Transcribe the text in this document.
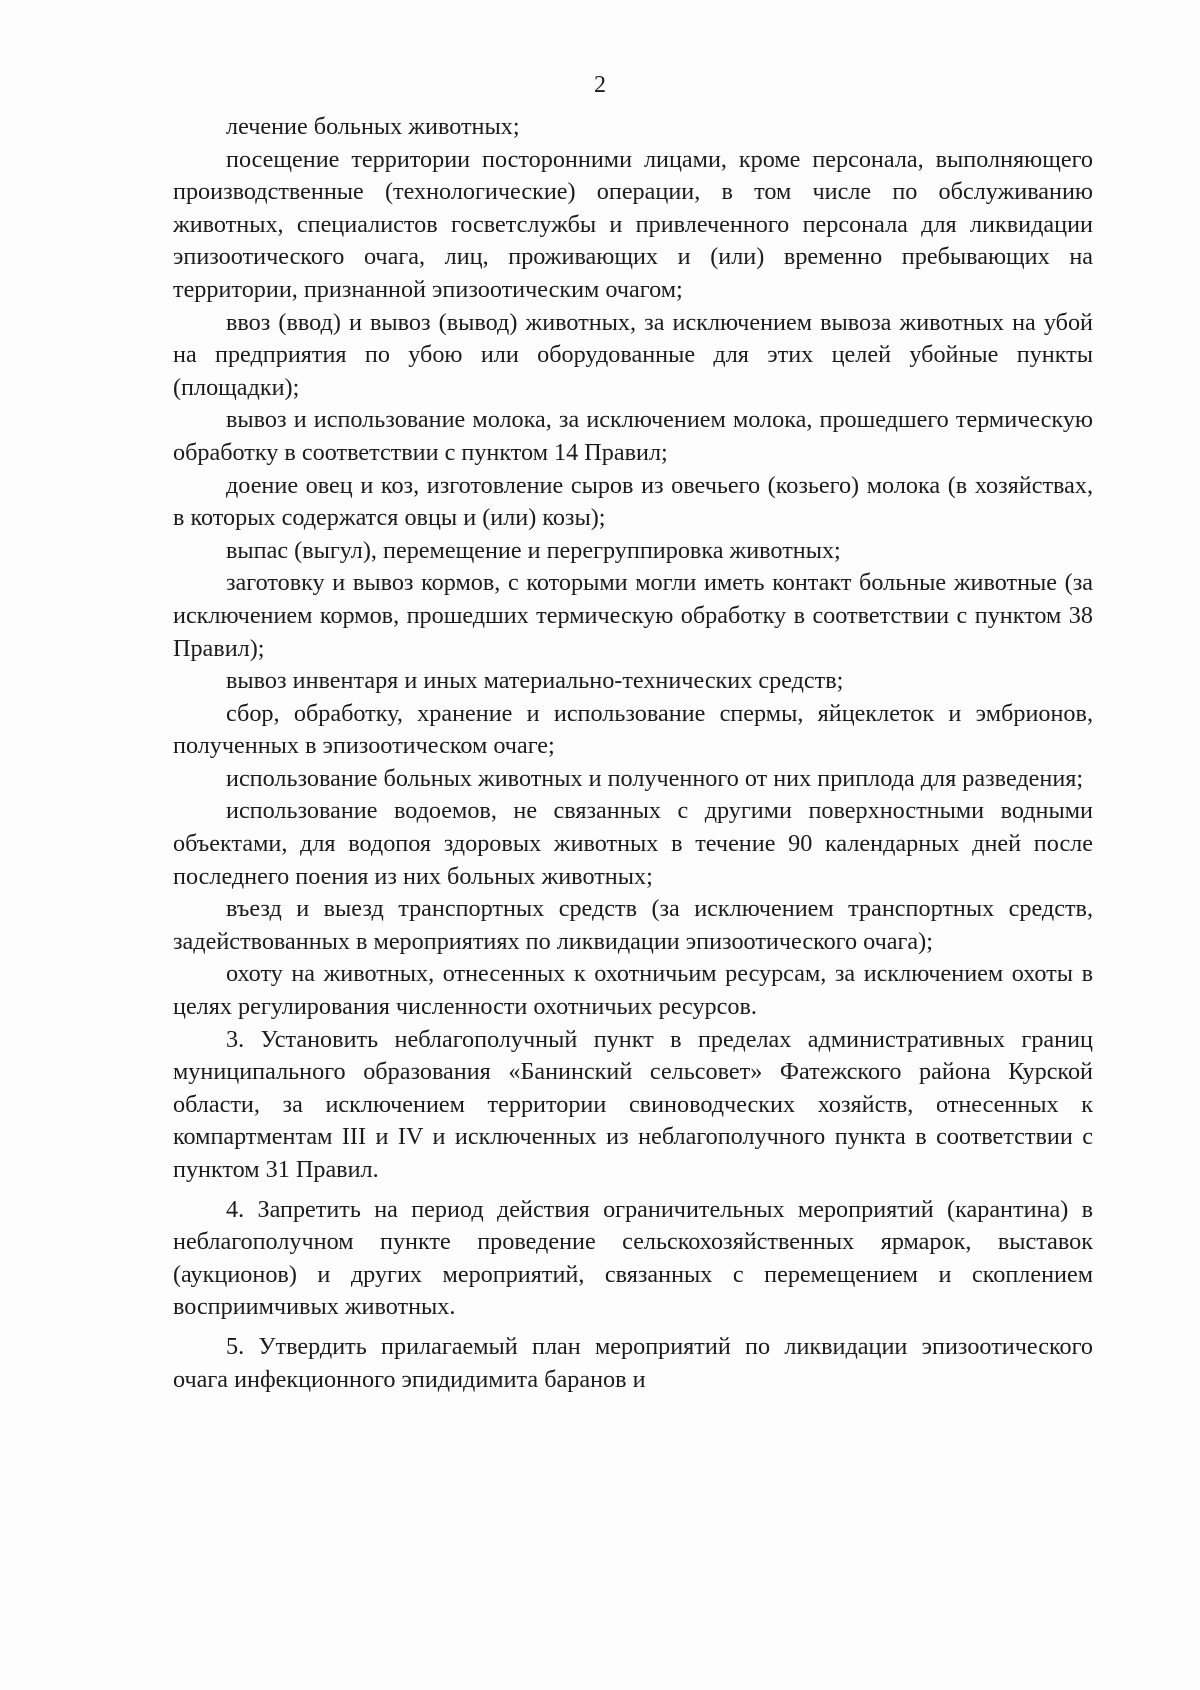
2

лечение больных животных;

посещение территории посторонними лицами, кроме персонала, выполняющего производственные (технологические) операции, в том числе по обслуживанию животных, специалистов госветслужбы и привлеченного персонала для ликвидации эпизоотического очага, лиц, проживающих и (или) временно пребывающих на территории, признанной эпизоотическим очагом;

ввоз (ввод) и вывоз (вывод) животных, за исключением вывоза животных на убой на предприятия по убою или оборудованные для этих целей убойные пункты (площадки);

вывоз и использование молока, за исключением молока, прошедшего термическую обработку в соответствии с пунктом 14 Правил;

доение овец и коз, изготовление сыров из овечьего (козьего) молока (в хозяйствах, в которых содержатся овцы и (или) козы);

выпас (выгул), перемещение и перегруппировка животных;

заготовку и вывоз кормов, с которыми могли иметь контакт больные животные (за исключением кормов, прошедших термическую обработку в соответствии с пунктом 38 Правил);

вывоз инвентаря и иных материально-технических средств;

сбор, обработку, хранение и использование спермы, яйцеклеток и эмбрионов, полученных в эпизоотическом очаге;

использование больных животных и полученного от них приплода для разведения;

использование водоемов, не связанных с другими поверхностными водными объектами, для водопоя здоровых животных в течение 90 календарных дней после последнего поения из них больных животных;

въезд и выезд транспортных средств (за исключением транспортных средств, задействованных в мероприятиях по ликвидации эпизоотического очага);

охоту на животных, отнесенных к охотничьим ресурсам, за исключением охоты в целях регулирования численности охотничьих ресурсов.

3. Установить неблагополучный пункт в пределах административных границ муниципального образования «Банинский сельсовет» Фатежского района Курской области, за исключением территории свиноводческих хозяйств, отнесенных к компартментам III и IV и исключенных из неблагополучного пункта в соответствии с пунктом 31 Правил.

4. Запретить на период действия ограничительных мероприятий (карантина) в неблагополучном пункте проведение сельскохозяйственных ярмарок, выставок (аукционов) и других мероприятий, связанных с перемещением и скоплением восприимчивых животных.

5. Утвердить прилагаемый план мероприятий по ликвидации эпизоотического очага инфекционного эпидидимита баранов и
